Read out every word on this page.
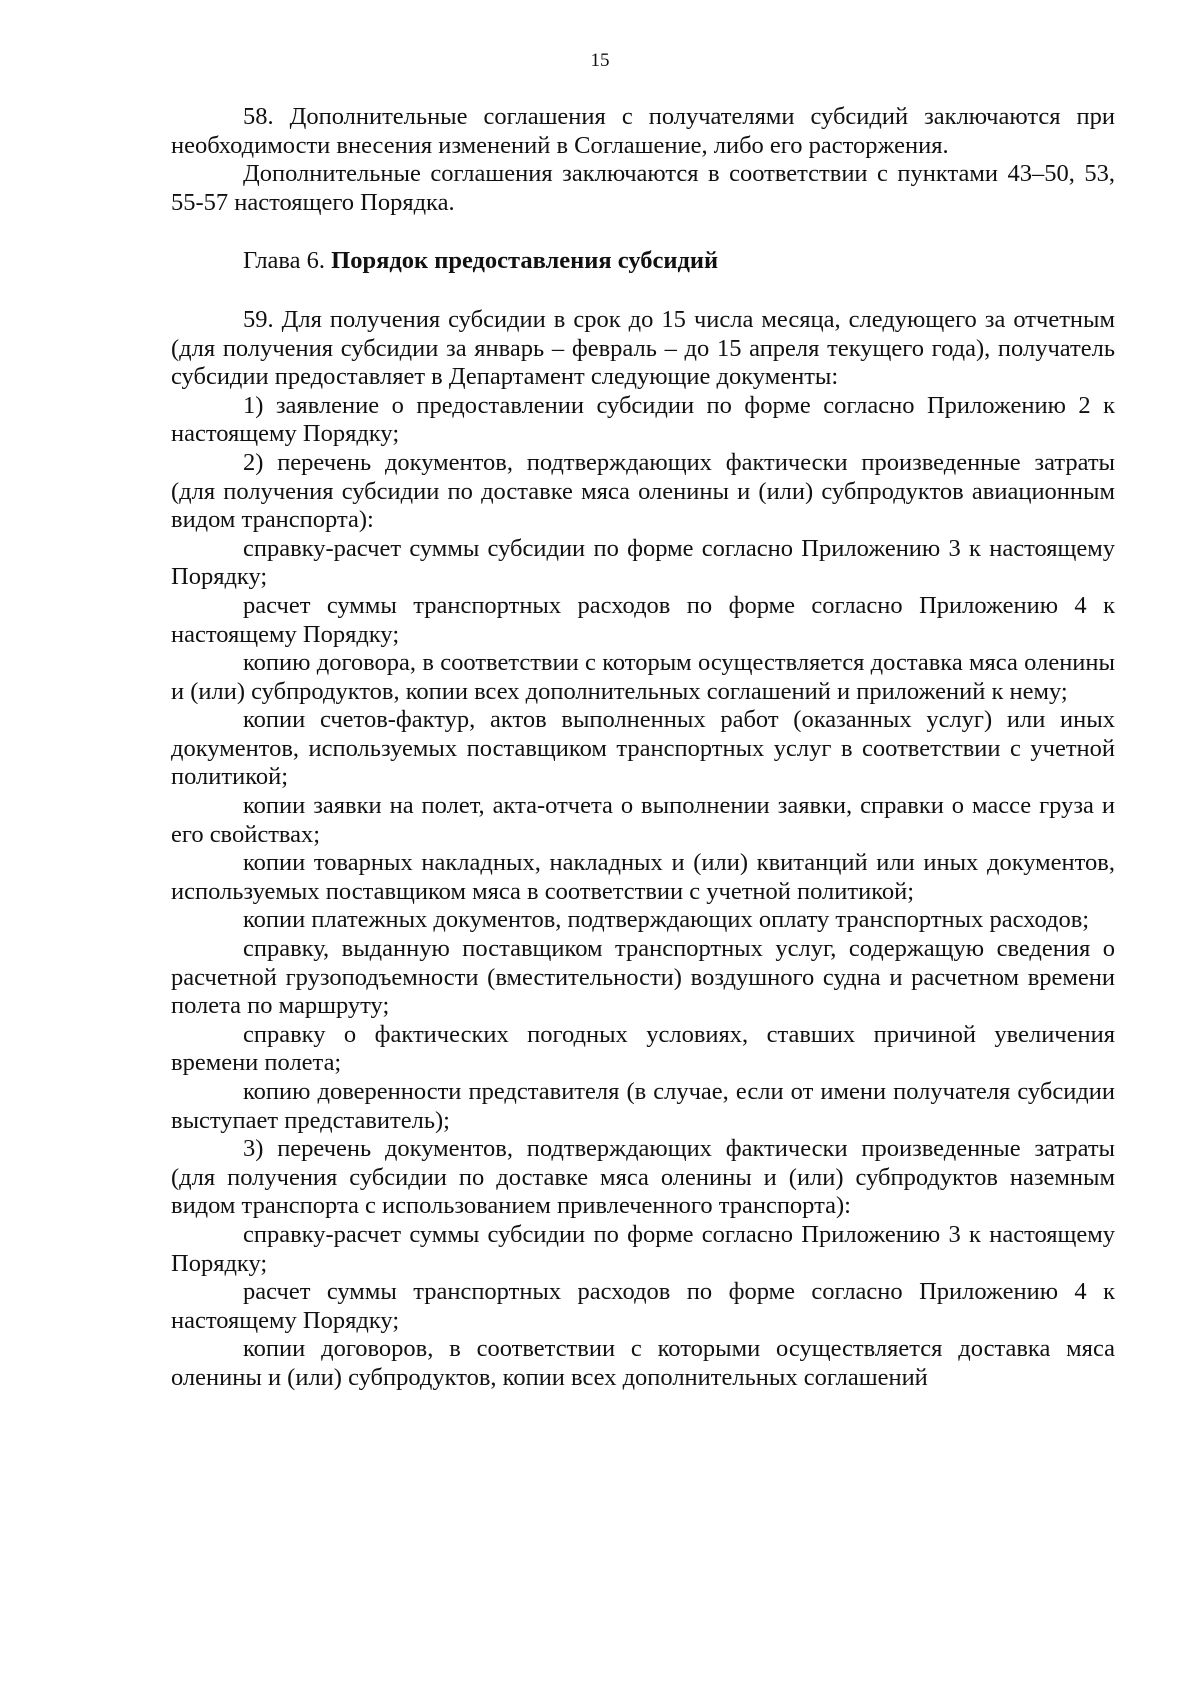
15

58. Дополнительные соглашения с получателями субсидий заключаются при необходимости внесения изменений в Соглашение, либо его расторжения.

Дополнительные соглашения заключаются в соответствии с пунктами 43–50, 53, 55-57 настоящего Порядка.

Глава 6. Порядок предоставления субсидий

59. Для получения субсидии в срок до 15 числа месяца, следующего за отчетным (для получения субсидии за январь – февраль – до 15 апреля текущего года), получатель субсидии предоставляет в Департамент следующие документы:

1) заявление о предоставлении субсидии по форме согласно Приложению 2 к настоящему Порядку;

2) перечень документов, подтверждающих фактически произведенные затраты (для получения субсидии по доставке мяса оленины и (или) субпродуктов авиационным видом транспорта):

справку-расчет суммы субсидии по форме согласно Приложению 3 к настоящему Порядку;

расчет суммы транспортных расходов по форме согласно Приложению 4 к настоящему Порядку;

копию договора, в соответствии с которым осуществляется доставка мяса оленины и (или) субпродуктов, копии всех дополнительных соглашений и приложений к нему;

копии счетов-фактур, актов выполненных работ (оказанных услуг) или иных документов, используемых поставщиком транспортных услуг в соответствии с учетной политикой;

копии заявки на полет, акта-отчета о выполнении заявки, справки о массе груза и его свойствах;

копии товарных накладных, накладных и (или) квитанций или иных документов, используемых поставщиком мяса в соответствии с учетной политикой;

копии платежных документов, подтверждающих оплату транспортных расходов;

справку, выданную поставщиком транспортных услуг, содержащую сведения о расчетной грузоподъемности (вместительности) воздушного судна и расчетном времени полета по маршруту;

справку о фактических погодных условиях, ставших причиной увеличения времени полета;

копию доверенности представителя (в случае, если от имени получателя субсидии выступает представитель);

3) перечень документов, подтверждающих фактически произведенные затраты (для получения субсидии по доставке мяса оленины и (или) субпродуктов наземным видом транспорта с использованием привлеченного транспорта):

справку-расчет суммы субсидии по форме согласно Приложению 3 к настоящему Порядку;

расчет суммы транспортных расходов по форме согласно Приложению 4 к настоящему Порядку;

копии договоров, в соответствии с которыми осуществляется доставка мяса оленины и (или) субпродуктов, копии всех дополнительных соглашений
